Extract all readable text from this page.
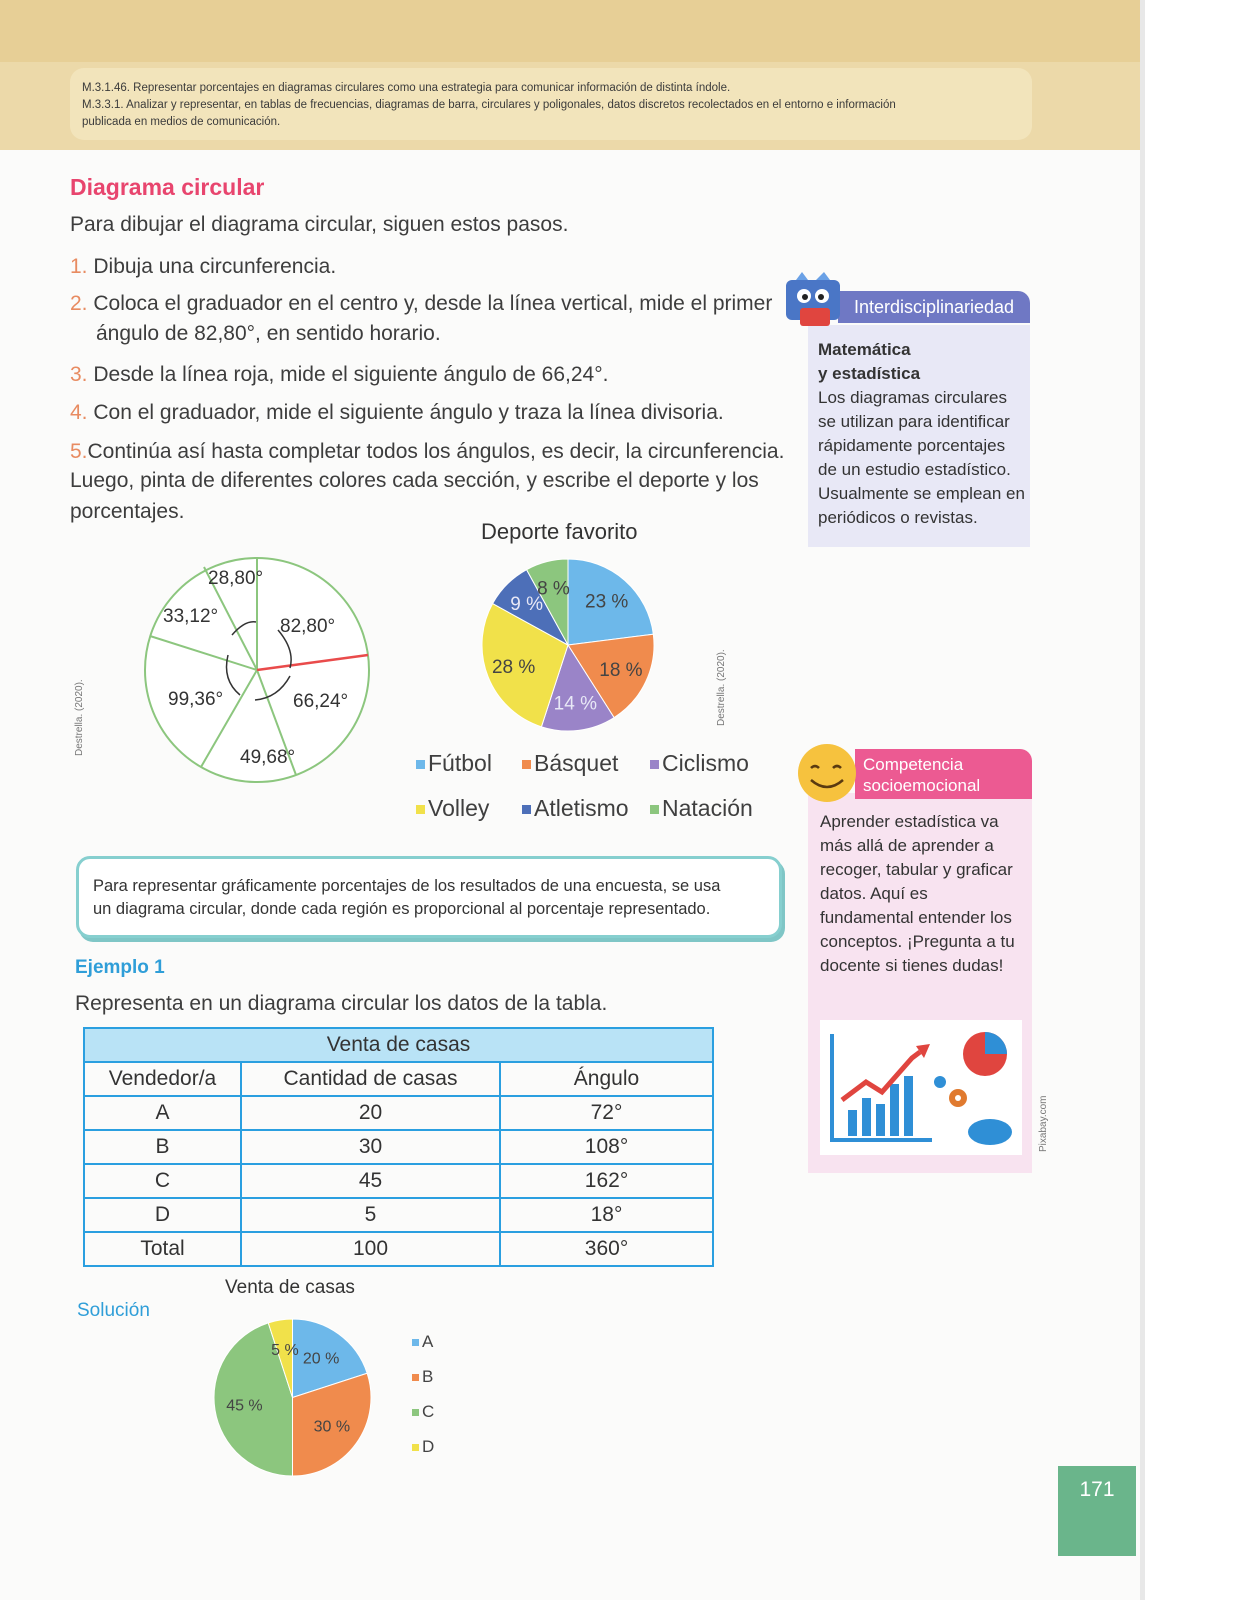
M.3.1.46. Representar porcentajes en diagramas circulares como una estrategia para comunicar información de distinta índole.
M.3.3.1. Analizar y representar, en tablas de frecuencias, diagramas de barra, circulares y poligonales, datos discretos recolectados en el entorno e información
publicada en medios de comunicación.
Diagrama circular
Para dibujar el diagrama circular, siguen estos pasos.
1. Dibuja una circunferencia.
2. Coloca el graduador en el centro y, desde la línea vertical, mide el primer
ángulo de 82,80°, en sentido horario.
3. Desde la línea roja, mide el siguiente ángulo de 66,24°.
4. Con el graduador, mide el siguiente ángulo y traza la línea divisoria.
5.Continúa así hasta completar todos los ángulos, es decir, la circunferencia.
Luego, pinta de diferentes colores cada sección, y escribe el deporte y los
porcentajes.
Interdisciplinariedad
Matemática
y estadística
Los diagramas circulares se utilizan para identificar rápidamente porcentajes de un estudio estadístico. Usualmente se emplean en periódicos o revistas.
28,80°
33,12°	82,80°
99,36°	66,24°
49,68°
Destrella. (2020).
Deporte favorito
23 %
18 %
14 %
28 %
9 %
8 %
Destrella. (2020).
Fútbol	Básquet	Ciclismo
Volley	Atletismo	Natación
Competencia
socioemocional
Aprender estadística va más allá de aprender a recoger, tabular y graficar datos. Aquí es fundamental entender los conceptos. ¡Pregunta a tu docente si tienes dudas!
Pixabay.com
Para representar gráficamente porcentajes de los resultados de una encuesta, se usa
un diagrama circular, donde cada región es proporcional al porcentaje representado.
Ejemplo 1
Representa en un diagrama circular los datos de la tabla.
Venta de casas		
Vendedor/a	Cantidad de casas	Ángulo
A	20	72°
B	30	108°
C	45	162°
D	5	18°
Total	100	360°
Solución
Venta de casas
20 %
30 %
45 %
5 %	A
B
C
D
171
